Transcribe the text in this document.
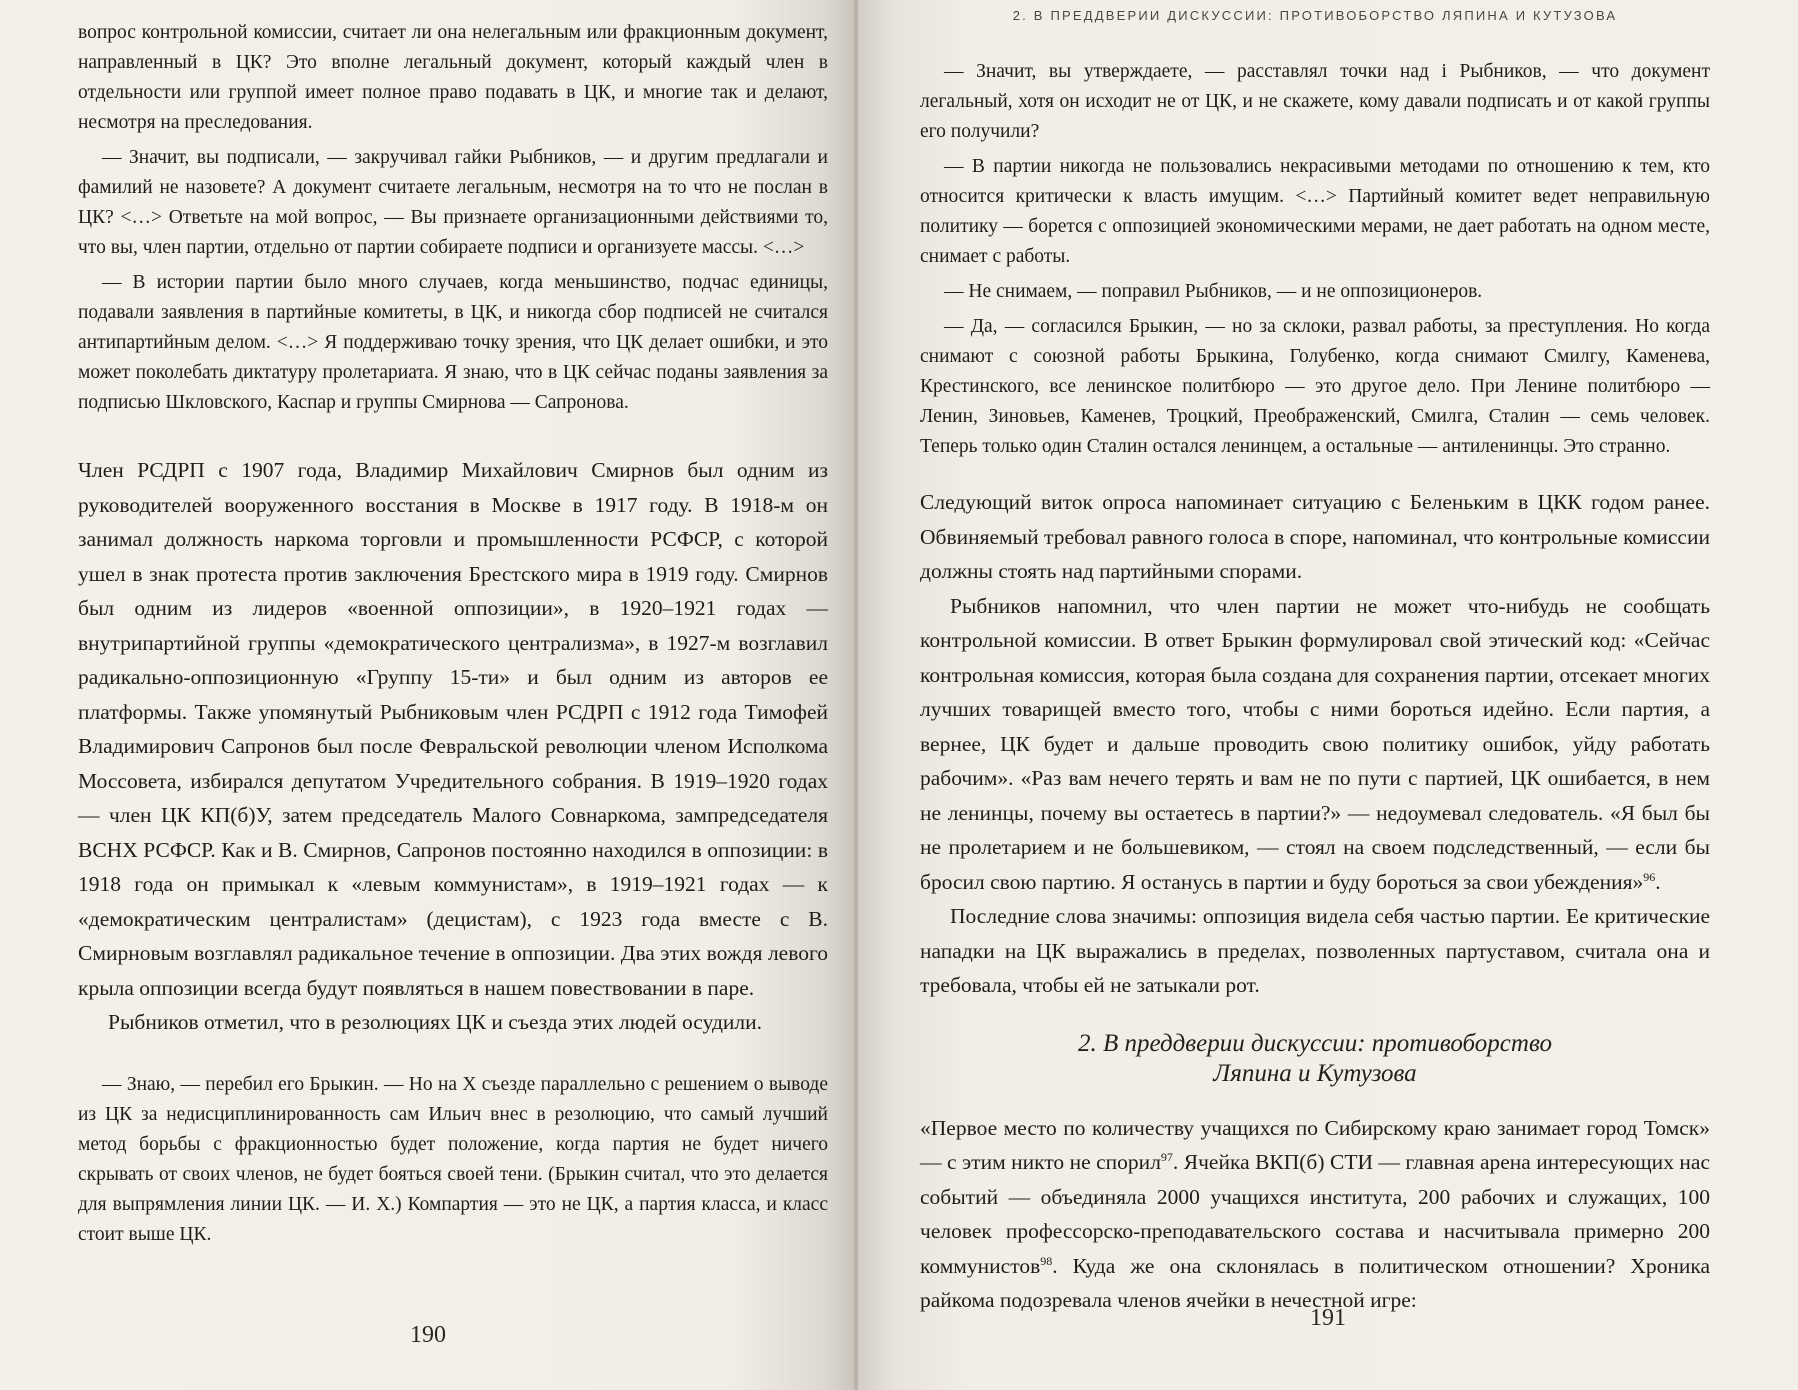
вопрос контрольной комиссии, считает ли она нелегальным или фракционным документ, направленный в ЦК? Это вполне легальный документ, который каждый член в отдельности или группой имеет полное право подавать в ЦК, и многие так и делают, несмотря на преследования.

— Значит, вы подписали, — закручивал гайки Рыбников, — и другим предлагали и фамилий не назовете? А документ считаете легальным, несмотря на то что не послан в ЦК? <…> Ответьте на мой вопрос, — Вы признаете организационными действиями то, что вы, член партии, отдельно от партии собираете подписи и организуете массы. <…>

— В истории партии было много случаев, когда меньшинство, подчас единицы, подавали заявления в партийные комитеты, в ЦК, и никогда сбор подписей не считался антипартийным делом. <…> Я поддерживаю точку зрения, что ЦК делает ошибки, и это может поколебать диктатуру пролетариата. Я знаю, что в ЦК сейчас поданы заявления за подписью Шкловского, Каспар и группы Смирнова — Сапронова.

Член РСДРП с 1907 года, Владимир Михайлович Смирнов был одним из руководителей вооруженного восстания в Москве в 1917 году. В 1918-м он занимал должность наркома торговли и промышленности РСФСР, с которой ушел в знак протеста против заключения Брестского мира в 1919 году. Смирнов был одним из лидеров «военной оппозиции», в 1920–1921 годах — внутрипартийной группы «демократического централизма», в 1927-м возглавил радикально-оппозиционную «Группу 15-ти» и был одним из авторов ее платформы. Также упомянутый Рыбниковым член РСДРП с 1912 года Тимофей Владимирович Сапронов был после Февральской революции членом Исполкома Моссовета, избирался депутатом Учредительного собрания. В 1919–1920 годах — член ЦК КП(б)У, затем председатель Малого Совнаркома, зампредседателя ВСНХ РСФСР. Как и В. Смирнов, Сапронов постоянно находился в оппозиции: в 1918 года он примыкал к «левым коммунистам», в 1919–1921 годах — к «демократическим централистам» (децистам), с 1923 года вместе с В. Смирновым возглавлял радикальное течение в оппозиции. Два этих вождя левого крыла оппозиции всегда будут появляться в нашем повествовании в паре.

Рыбников отметил, что в резолюциях ЦК и съезда этих людей осудили.

— Знаю, — перебил его Брыкин. — Но на X съезде параллельно с решением о выводе из ЦК за недисциплинированность сам Ильич внес в резолюцию, что самый лучший метод борьбы с фракционностью будет положение, когда партия не будет ничего скрывать от своих членов, не будет бояться своей тени. (Брыкин считал, что это делается для выпрямления линии ЦК. — И. Х.) Компартия — это не ЦК, а партия класса, и класс стоит выше ЦК.

190
2. В ПРЕДДВЕРИИ ДИСКУССИИ: ПРОТИВОБОРСТВО ЛЯПИНА И КУТУЗОВА

— Значит, вы утверждаете, — расставлял точки над i Рыбников, — что документ легальный, хотя он исходит не от ЦК, и не скажете, кому давали подписать и от какой группы его получили?

— В партии никогда не пользовались некрасивыми методами по отношению к тем, кто относится критически к власть имущим. <…> Партийный комитет ведет неправильную политику — борется с оппозицией экономическими мерами, не дает работать на одном месте, снимает с работы.

— Не снимаем, — поправил Рыбников, — и не оппозиционеров.

— Да, — согласился Брыкин, — но за склоки, развал работы, за преступления. Но когда снимают с союзной работы Брыкина, Голубенко, когда снимают Смилгу, Каменева, Крестинского, все ленинское политбюро — это другое дело. При Ленине политбюро — Ленин, Зиновьев, Каменев, Троцкий, Преображенский, Смилга, Сталин — семь человек. Теперь только один Сталин остался ленинцем, а остальные — антиленинцы. Это странно.

Следующий виток опроса напоминает ситуацию с Беленьким в ЦКК годом ранее. Обвиняемый требовал равного голоса в споре, напоминал, что контрольные комиссии должны стоять над партийными спорами.

Рыбников напомнил, что член партии не может что-нибудь не сообщать контрольной комиссии. В ответ Брыкин формулировал свой этический код: «Сейчас контрольная комиссия, которая была создана для сохранения партии, отсекает многих лучших товарищей вместо того, чтобы с ними бороться идейно. Если партия, а вернее, ЦК будет и дальше проводить свою политику ошибок, уйду работать рабочим». «Раз вам нечего терять и вам не по пути с партией, ЦК ошибается, в нем не ленинцы, почему вы остаетесь в партии?» — недоумевал следователь. «Я был бы не пролетарием и не большевиком, — стоял на своем подследственный, — если бы бросил свою партию. Я останусь в партии и буду бороться за свои убеждения»$^{96}$.

Последние слова значимы: оппозиция видела себя частью партии. Ее критические нападки на ЦК выражались в пределах, позволенных партуставом, считала она и требовала, чтобы ей не затыкали рот.

2. В преддверии дискуссии: противоборство
Ляпина и Кутузова

«Первое место по количеству учащихся по Сибирскому краю занимает город Томск» — с этим никто не спорил$^{97}$. Ячейка ВКП(б) СТИ — главная арена интересующих нас событий — объединяла 2000 учащихся института, 200 рабочих и служащих, 100 человек профессорско-преподавательского состава и насчитывала примерно 200 коммунистов$^{98}$. Куда же она склонялась в политическом отношении? Хроника райкома подозревала членов ячейки в нечестной игре:

191
